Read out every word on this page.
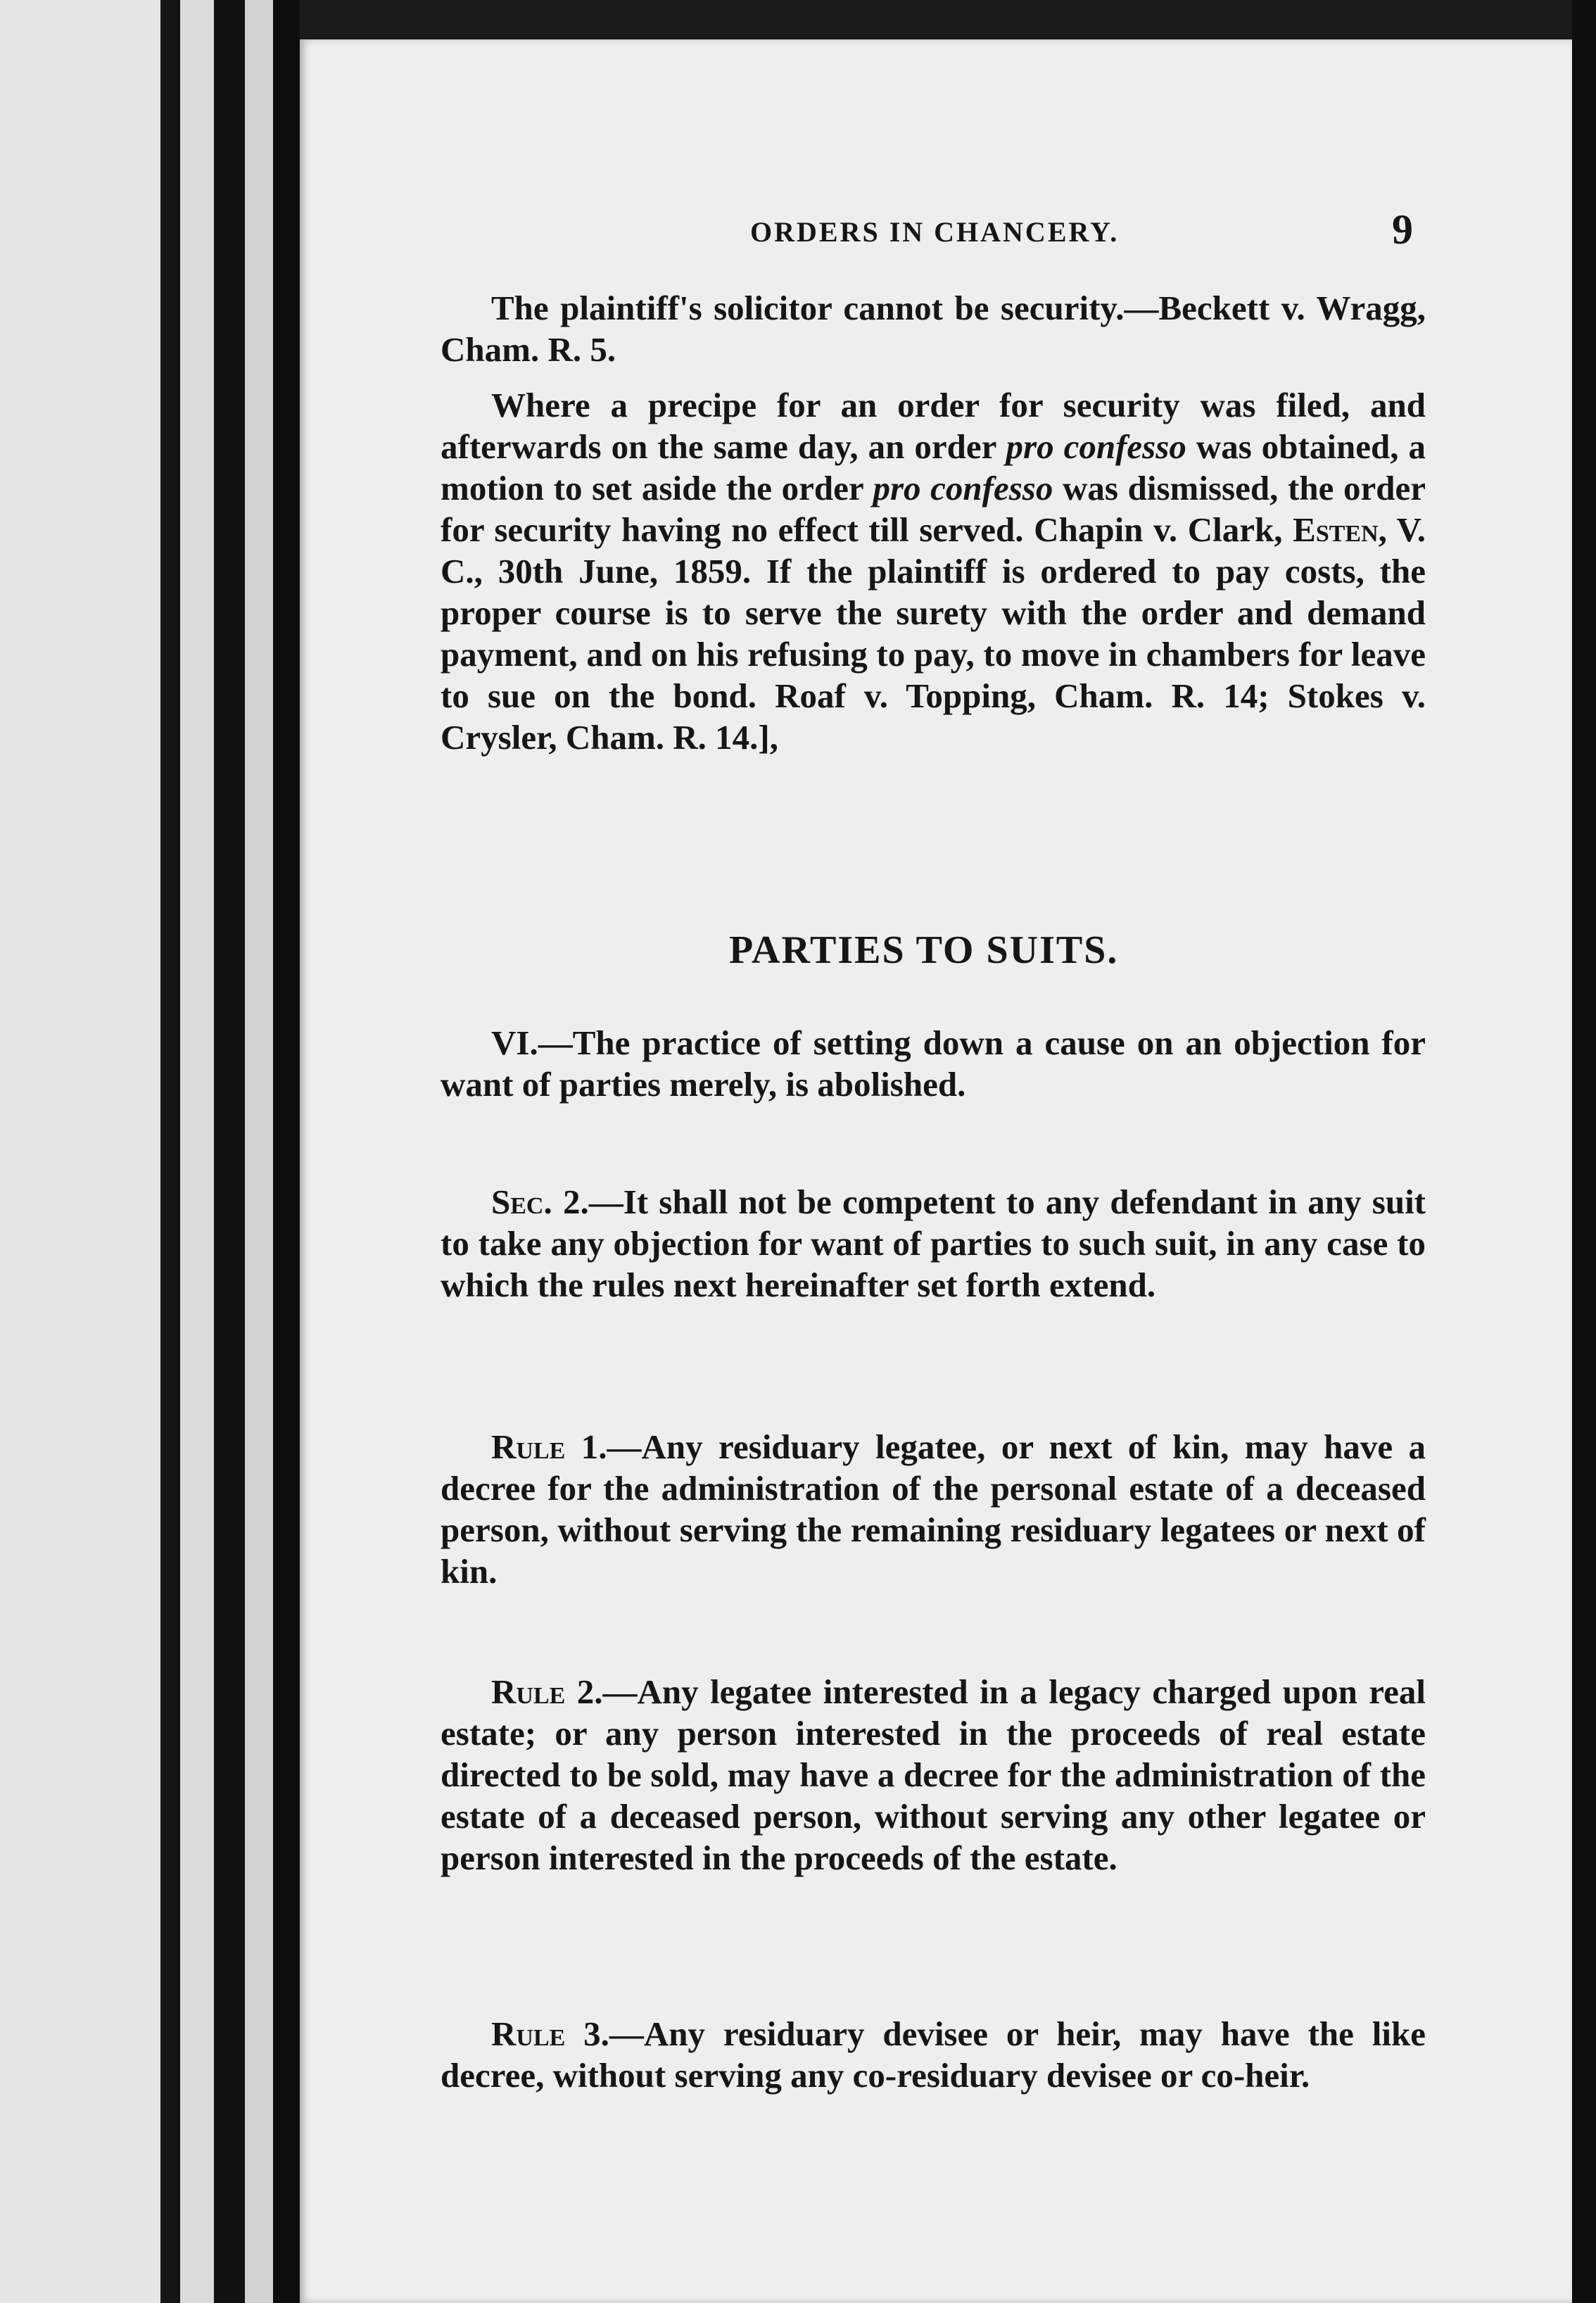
ORDERS IN CHANCERY.	9

The plaintiff's solicitor cannot be security.—Beckett v. Wragg, Cham. R. 5.

Where a precipe for an order for security was filed, and afterwards on the same day, an order pro confesso was obtained, a motion to set aside the order pro confesso was dismissed, the order for security having no effect till served. Chapin v. Clark, Esten, V. C., 30th June, 1859. If the plaintiff is ordered to pay costs, the proper course is to serve the surety with the order and demand payment, and on his refusing to pay, to move in chambers for leave to sue on the bond. Roaf v. Topping, Cham. R. 14; Stokes v. Crysler, Cham. R. 14.],

PARTIES TO SUITS.

VI.—The practice of setting down a cause on an objection for want of parties merely, is abolished.

Sec. 2.—It shall not be competent to any defendant in any suit to take any objection for want of parties to such suit, in any case to which the rules next hereinafter set forth extend.

Rule 1.—Any residuary legatee, or next of kin, may have a decree for the administration of the personal estate of a deceased person, without serving the remaining residuary legatees or next of kin.

Rule 2.—Any legatee interested in a legacy charged upon real estate; or any person interested in the proceeds of real estate directed to be sold, may have a decree for the administration of the estate of a deceased person, without serving any other legatee or person interested in the proceeds of the estate.

Rule 3.—Any residuary devisee or heir, may have the like decree, without serving any co-residuary devisee or co-heir.
